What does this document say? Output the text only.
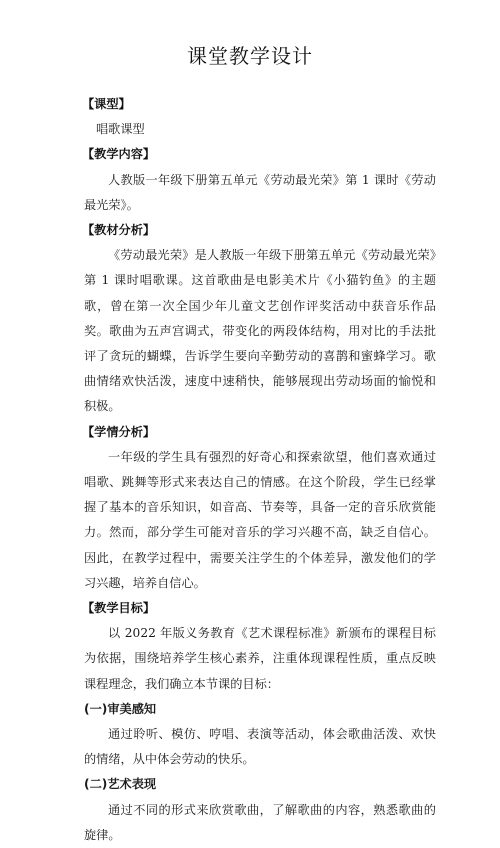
课堂教学设计
【课型】

唱歌课型

【教学内容】

人教版一年级下册第五单元《劳动最光荣》第 1 课时《劳动最光荣》。

【教材分析】

《劳动最光荣》是人教版一年级下册第五单元《劳动最光荣》第 1 课时唱歌课。这首歌曲是电影美术片《小猫钓鱼》的主题歌，曾在第一次全国少年儿童文艺创作评奖活动中获音乐作品奖。歌曲为五声宫调式，带变化的两段体结构，用对比的手法批评了贪玩的蝴蝶，告诉学生要向辛勤劳动的喜鹊和蜜蜂学习。歌曲情绪欢快活泼，速度中速稍快，能够展现出劳动场面的愉悦和积极。

【学情分析】

一年级的学生具有强烈的好奇心和探索欲望，他们喜欢通过唱歌、跳舞等形式来表达自己的情感。在这个阶段，学生已经掌握了基本的音乐知识，如音高、节奏等，具备一定的音乐欣赏能力。然而，部分学生可能对音乐的学习兴趣不高，缺乏自信心。因此，在教学过程中，需要关注学生的个体差异，激发他们的学习兴趣，培养自信心。

【教学目标】

以 2022 年版义务教育《艺术课程标准》新颁布的课程目标为依据，围绕培养学生核心素养，注重体现课程性质，重点反映课程理念，我们确立本节课的目标：

(一)审美感知

通过聆听、模仿、哼唱、表演等活动，体会歌曲活泼、欢快的情绪，从中体会劳动的快乐。

(二)艺术表现

通过不同的形式来欣赏歌曲，了解歌曲的内容，熟悉歌曲的旋律。
